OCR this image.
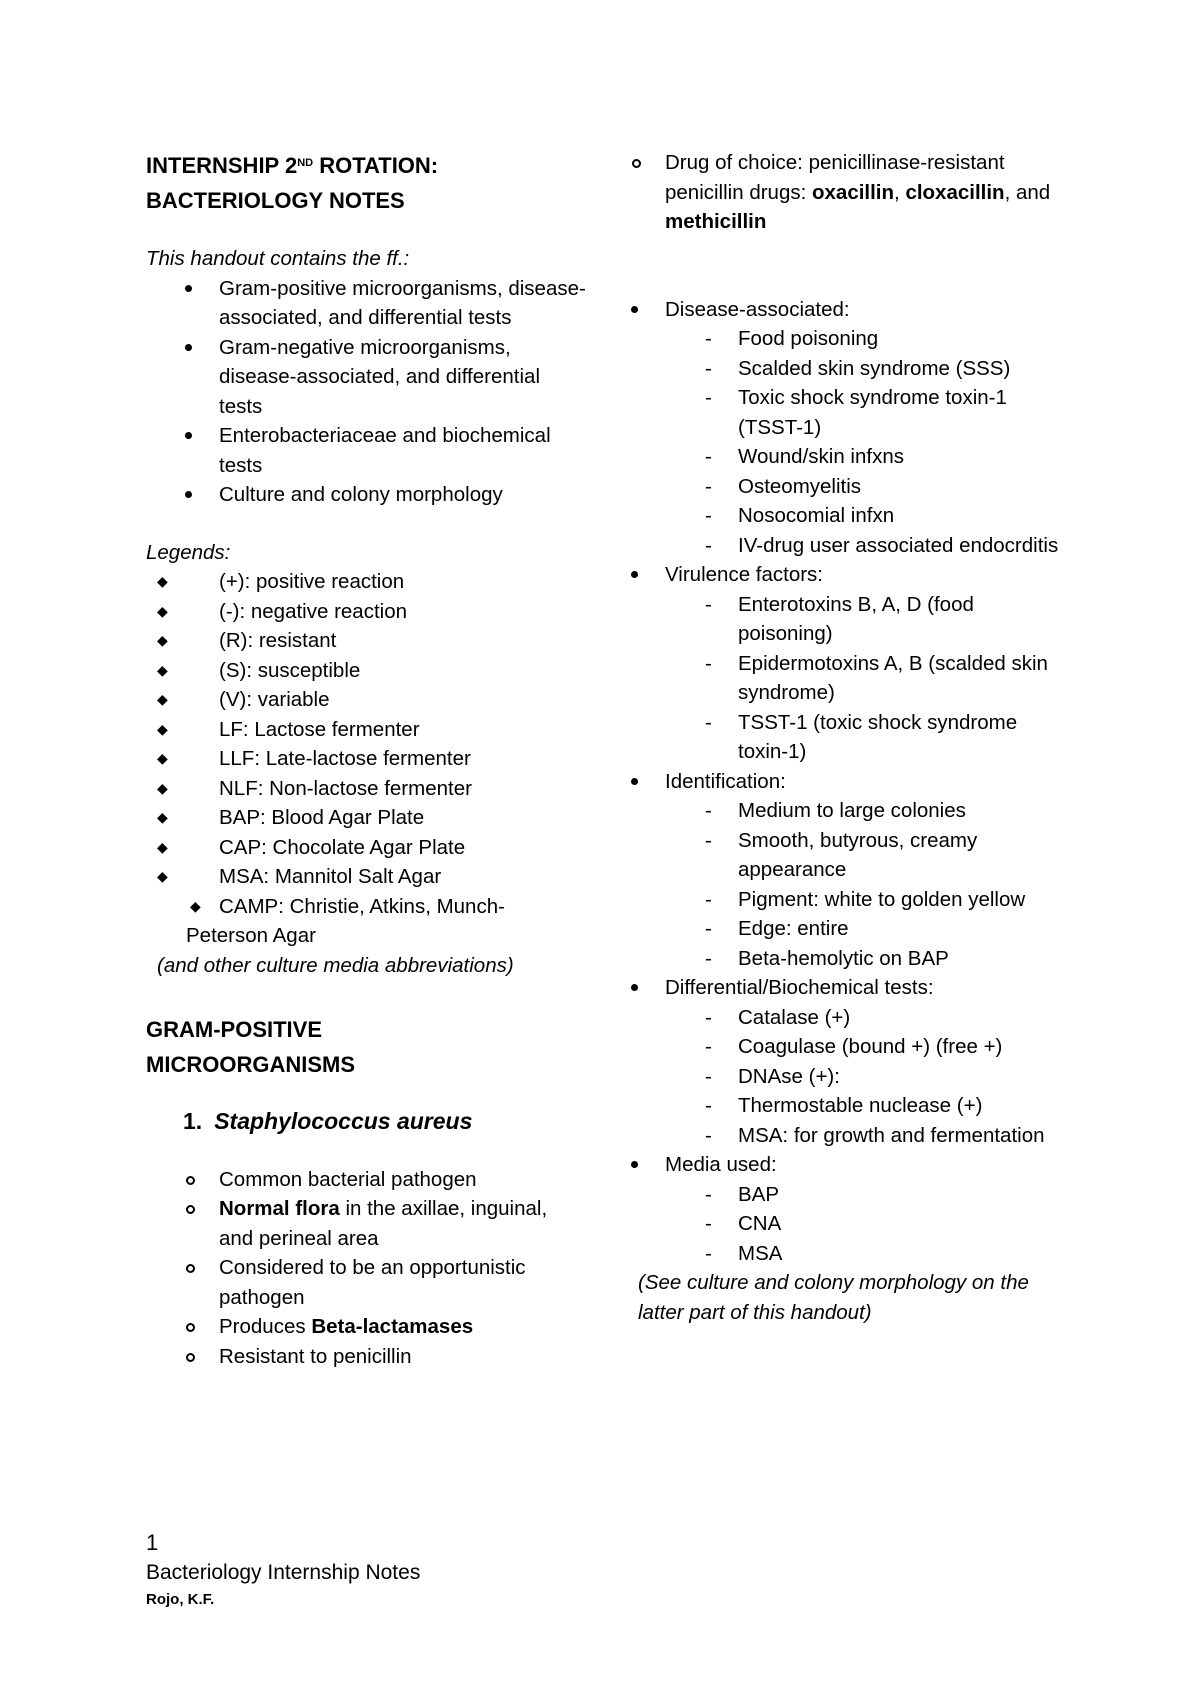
INTERNSHIP 2ND ROTATION:
BACTERIOLOGY NOTES
This handout contains the ff.:
Gram-positive microorganisms, disease-associated, and differential tests
Gram-negative microorganisms, disease-associated, and differential tests
Enterobacteriaceae and biochemical tests
Culture and colony morphology
Legends:
◆ (+): positive reaction
◆ (-): negative reaction
◆ (R): resistant
◆ (S): susceptible
◆ (V): variable
◆ LF: Lactose fermenter
◆ LLF: Late-lactose fermenter
◆ NLF: Non-lactose fermenter
◆ BAP: Blood Agar Plate
◆ CAP: Chocolate Agar Plate
◆ MSA: Mannitol Salt Agar
◆ CAMP: Christie, Atkins, Munch-Peterson Agar
(and other culture media abbreviations)
GRAM-POSITIVE
MICROORGANISMS
1. Staphylococcus aureus
Common bacterial pathogen
Normal flora in the axillae, inguinal, and perineal area
Considered to be an opportunistic pathogen
Produces Beta-lactamases
Resistant to penicillin
Drug of choice: penicillinase-resistant penicillin drugs: oxacillin, cloxacillin, and methicillin
Disease-associated:
- Food poisoning
- Scalded skin syndrome (SSS)
- Toxic shock syndrome toxin-1 (TSST-1)
- Wound/skin infxns
- Osteomyelitis
- Nosocomial infxn
- IV-drug user associated endocrditis
Virulence factors:
- Enterotoxins B, A, D (food poisoning)
- Epidermotoxins A, B (scalded skin syndrome)
- TSST-1 (toxic shock syndrome toxin-1)
Identification:
- Medium to large colonies
- Smooth, butyrous, creamy appearance
- Pigment: white to golden yellow
- Edge: entire
- Beta-hemolytic on BAP
Differential/Biochemical tests:
- Catalase (+)
- Coagulase (bound +) (free +)
- DNAse (+):
- Thermostable nuclease (+)
- MSA: for growth and fermentation
Media used:
- BAP
- CNA
- MSA
(See culture and colony morphology on the latter part of this handout)
1
Bacteriology Internship Notes
Rojo, K.F.
